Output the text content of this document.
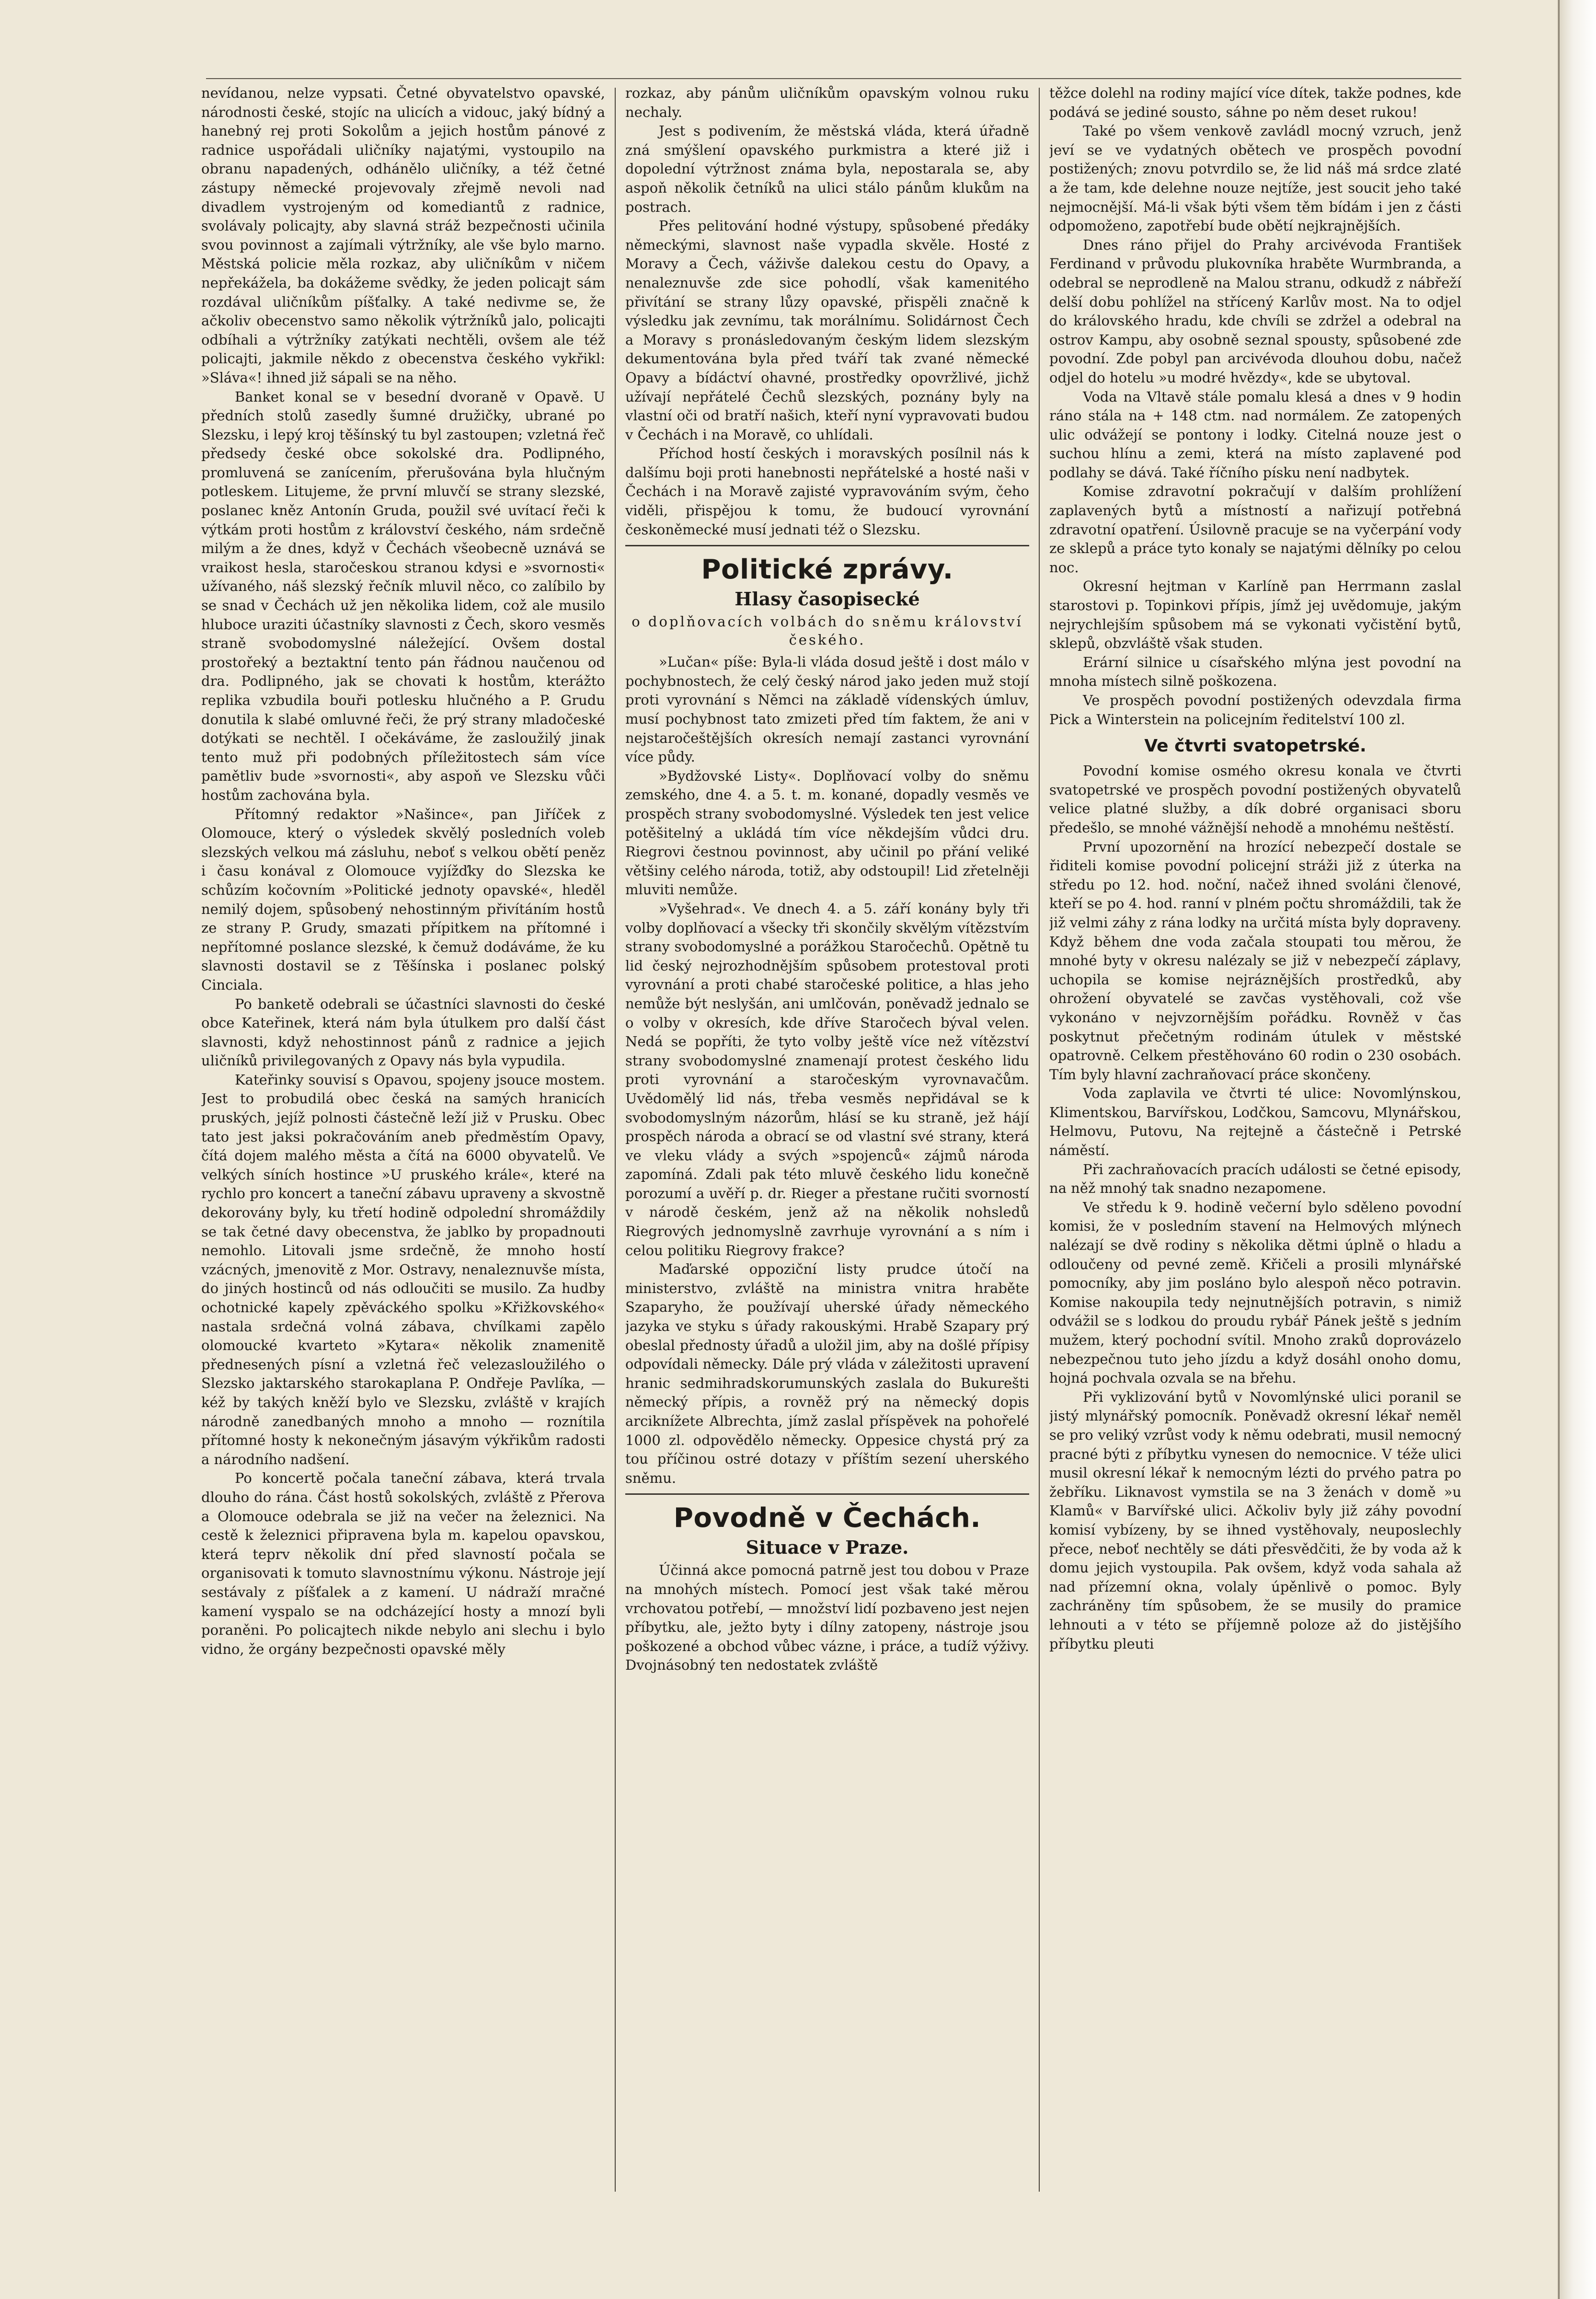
nevídanou, nelze vypsati. Četné obyvatelstvo opavské, národnosti české, stojíc na ulicích a vidouc, jaký bídný a hanebný rej proti Sokolům a jejich hostům pánové z radnice uspořádali uličníky najatými, vystoupilo na obranu napadených, odhánělo uličníky, a též četné zástupy německé projevovaly zřejmě nevoli nad divadlem vystrojeným od komediantů z radnice, svolávaly policajty, aby slavná stráž bezpečnosti učinila svou povinnost a zajímali výtržníky, ale vše bylo marno. Městská policie měla rozkaz, aby uličníkům v ničem nepřekážela, ba dokážeme svědky, že jeden policajt sám rozdával uličníkům píšťalky. A také nedivme se, že ačkoliv obecenstvo samo několik výtržníků jalo, policajti odbíhali a výtržníky zatýkati nechtěli, ovšem ale též policajti, jakmile někdo z obecenstva českého vykřikl: »Sláva«! ihned již sápali se na něho.

Banket konal se v besední dvoraně v Opavě. U předních stolů zasedly šumné družičky, ubrané po Slezsku, i lepý kroj těšínský tu byl zastoupen; vzletná řeč předsedy české obce sokolské dra. Podlipného, promluvená se zanícením, přerušována byla hlučným potleskem. Litujeme, že první mluvčí se strany slezské, poslanec kněz Antonín Gruda, použil své uvítací řeči k výtkám proti hostům z království českého, nám srdečně milým a že dnes, když v Čechách všeobecně uznává se vraikost hesla, staročeskou stranou kdysi e »svornosti« užívaného, náš slezský řečník mluvil něco, co zalíbilo by se snad v Čechách už jen několika lidem, což ale musilo hluboce uraziti účastníky slavnosti z Čech, skoro vesměs straně svobodomyslné náležející. Ovšem dostal prostořeký a beztaktní tento pán řádnou naučenou od dra. Podlipného, jak se chovati k hostům, kterážto replika vzbudila bouři potlesku hlučného a P. Grudu donutila k slabé omluvné řeči, že prý strany mladočeské dotýkati se nechtěl. I očekáváme, že zasloužilý jinak tento muž při podobných příležitostech sám více pamětliv bude »svornosti«, aby aspoň ve Slezsku vůči hostům zachována byla.

Přítomný redaktor »Našince«, pan Jiříček z Olomouce, který o výsledek skvělý posledních voleb slezských velkou má zásluhu, neboť s velkou obětí peněz i času konával z Olomouce vyjížďky do Slezska ke schůzím kočovním »Politické jednoty opavské«, hleděl nemilý dojem, spůsobený nehostinným přivítáním hostů ze strany P. Grudy, smazati přípitkem na přítomné i nepřítomné poslance slezské, k čemuž dodáváme, že ku slavnosti dostavil se z Těšínska i poslanec polský Cinciala.

Po banketě odebrali se účastníci slavnosti do české obce Kateřinek, která nám byla útulkem pro další část slavnosti, když nehostinnost pánů z radnice a jejich uličníků privilegovaných z Opavy nás byla vypudila.

Kateřinky souvisí s Opavou, spojeny jsouce mostem. Jest to probudilá obec česká na samých hranicích pruských, jejíž polnosti částečně leží již v Prusku. Obec tato jest jaksi pokračováním aneb předměstím Opavy, čítá dojem malého města a čítá na 6000 obyvatelů. Ve velkých síních hostince »U pruského krále«, které na rychlo pro koncert a taneční zábavu upraveny a skvostně dekorovány byly, ku třetí hodině odpolední shromáždily se tak četné davy obecenstva, že jablko by propadnouti nemohlo. Litovali jsme srdečně, že mnoho hostí vzácných, jmenovitě z Mor. Ostravy, nenaleznuvše místa, do jiných hostinců od nás odloučiti se musilo. Za hudby ochotnické kapely zpěváckého spolku »Křižkovského« nastala srdečná volná zábava, chvílkami zapělo olomoucké kvarteto »Kytara« několik znamenitě přednesených písní a vzletná řeč velezasloužilého o Slezsko jaktarského starokaplana P. Ondřeje Pavlíka, — kéž by takých kněží bylo ve Slezsku, zvláště v krajích národně zanedbaných mnoho a mnoho — roznítila přítomné hosty k nekonečným jásavým výkřikům radosti a národního nadšení.

Po koncertě počala taneční zábava, která trvala dlouho do rána. Část hostů sokolských, zvláště z Přerova a Olomouce odebrala se již na večer na železnici. Na cestě k železnici připravena byla m. kapelou opavskou, která teprv několik dní před slavností počala se organisovati k tomuto slavnostnímu výkonu. Nástroje její sestávaly z píšťalek a z kamení. U nádraží mračné kamení vyspalo se na odcházející hosty a mnozí byli poraněni. Po policajtech nikde nebylo ani slechu i bylo vidno, že orgány bezpečnosti opavské měly

rozkaz, aby pánům uličníkům opavským volnou ruku nechaly.

Jest s podivením, že městská vláda, která úřadně zná smýšlení opavského purkmistra a které již i dopolední výtržnost známa byla, nepostarala se, aby aspoň několik četníků na ulici stálo pánům klukům na postrach.

Přes pelitování hodné výstupy, spůsobené předáky německými, slavnost naše vypadla skvěle. Hosté z Moravy a Čech, váživše dalekou cestu do Opavy, a nenaleznuvše zde sice pohodlí, však kamenitého přivítání se strany lůzy opavské, přispěli značně k výsledku jak zevnímu, tak morálnímu. Solidárnost Čech a Moravy s pronásledovaným českým lidem slezským dekumentována byla před tváří tak zvané německé Opavy a bídáctví ohavné, prostředky opovržlivé, jichž užívají nepřátelé Čechů slezských, poznány byly na vlastní oči od bratří našich, kteří nyní vypravovati budou v Čechách i na Moravě, co uhlídali.

Příchod hostí českých i moravských posílnil nás k dalšímu boji proti hanebnosti nepřátelské a hosté naši v Čechách i na Moravě zajisté vypravováním svým, čeho viděli, přispějou k tomu, že budoucí vyrovnání českoněmecké musí jednati též o Slezsku.

Politické zprávy.
Hlasy časopisecké
o doplňovacích volbách do sněmu království českého.

»Lučan« píše: Byla-li vláda dosud ještě i dost málo v pochybnostech, že celý český národ jako jeden muž stojí proti vyrovnání s Němci na základě vídenských úmluv, musí pochybnost tato zmizeti před tím faktem, že ani v nejstaročeštějších okresích nemají zastanci vyrovnání více půdy.

»Bydžovské Listy«. Doplňovací volby do sněmu zemského, dne 4. a 5. t. m. konané, dopadly vesměs ve prospěch strany svobodomyslné. Výsledek ten jest velice potěšitelný a ukládá tím více někdejším vůdci dru. Riegrovi čestnou povinnost, aby učinil po přání veliké většiny celého národa, totiž, aby odstoupil! Lid zřetelněji mluviti nemůže.

»Vyšehrad«. Ve dnech 4. a 5. září konány byly tři volby doplňovací a všecky tři skončily skvělým vítězstvím strany svobodomyslné a porážkou Staročechů. Opětně tu lid český nejrozhodnějším spůsobem protestoval proti vyrovnání a proti chabé staročeské politice, a hlas jeho nemůže být neslyšán, ani umlčován, poněvadž jednalo se o volby v okresích, kde dříve Staročech býval velen. Nedá se popříti, že tyto volby ještě více než vítězství strany svobodomyslné znamenají protest českého lidu proti vyrovnání a staročeským vyrovnavačům. Uvědomělý lid nás, třeba vesměs nepřidával se k svobodomyslným názorům, hlásí se ku straně, jež hájí prospěch národa a obrací se od vlastní své strany, která ve vleku vlády a svých »spojenců« zájmů národa zapomíná. Zdali pak této mluvě českého lidu konečně porozumí a uvěří p. dr. Rieger a přestane ručiti svorností v národě českém, jenž až na několik nohsledů Riegrových jednomyslně zavrhuje vyrovnání a s ním i celou politiku Riegrovy frakce?

Maďarské oppoziční listy prudce útočí na ministerstvo, zvláště na ministra vnitra hraběte Szaparyho, že používají uherské úřady německého jazyka ve styku s úřady rakouskými. Hrabě Szapary prý obeslal přednosty úřadů a uložil jim, aby na došlé přípisy odpovídali německy. Dále prý vláda v záležitosti upravení hranic sedmihradskorumunských zaslala do Bukurešti německý přípis, a rovněž prý na německý dopis arciknížete Albrechta, jímž zaslal příspěvek na pohořelé 1000 zl. odpovědělo německy. Oppesice chystá prý za tou příčinou ostré dotazy v příštím sezení uherského sněmu.

Povodně v Čechách.
Situace v Praze.

Účinná akce pomocná patrně jest tou dobou v Praze na mnohých místech. Pomocí jest však také měrou vrchovatou potřebí, — množství lidí pozbaveno jest nejen příbytku, ale, ježto byty i dílny zatopeny, nástroje jsou poškozené a obchod vůbec vázne, i práce, a tudíž výživy. Dvojnásobný ten nedostatek zvláště

těžce dolehl na rodiny mající více dítek, takže podnes, kde podává se jediné sousto, sáhne po něm deset rukou!

Také po všem venkově zavládl mocný vzruch, jenž jeví se ve vydatných obětech ve prospěch povodní postižených; znovu potvrdilo se, že lid náš má srdce zlaté a že tam, kde delehne nouze nejtíže, jest soucit jeho také nejmocnější. Má-li však býti všem těm bídám i jen z části odpomoženo, zapotřebí bude obětí nejkrajnějších.

Dnes ráno přijel do Prahy arcivévoda František Ferdinand v průvodu plukovníka hraběte Wurmbranda, a odebral se neprodleně na Malou stranu, odkudž z nábřeží delší dobu pohlížel na střícený Karlův most. Na to odjel do královského hradu, kde chvíli se zdržel a odebral na ostrov Kampu, aby osobně seznal spousty, spůsobené zde povodní. Zde pobyl pan arcivévoda dlouhou dobu, načež odjel do hotelu »u modré hvězdy«, kde se ubytoval.

Voda na Vltavě stále pomalu klesá a dnes v 9 hodin ráno stála na + 148 ctm. nad normálem. Ze zatopených ulic odvážejí se pontony i lodky. Citelná nouze jest o suchou hlínu a zemi, která na místo zaplavené pod podlahy se dává. Také říčního písku není nadbytek.

Komise zdravotní pokračují v dalším prohlížení zaplavených bytů a místností a nařizují potřebná zdravotní opatření. Úsilovně pracuje se na vyčerpání vody ze sklepů a práce tyto konaly se najatými dělníky po celou noc.

Okresní hejtman v Karlíně pan Herrmann zaslal starostovi p. Topinkovi přípis, jímž jej uvědomuje, jakým nejrychlejším spůsobem má se vykonati vyčistění bytů, sklepů, obzvláště však studen.

Erární silnice u císařského mlýna jest povodní na mnoha místech silně poškozena.

Ve prospěch povodní postižených odevzdala firma Pick a Winterstein na policejním ředitelství 100 zl.

Ve čtvrti svatopetrské.

Povodní komise osmého okresu konala ve čtvrti svatopetrské ve prospěch povodní postižených obyvatelů velice platné služby, a dík dobré organisaci sboru předešlo, se mnohé vážnější nehodě a mnohému neštěstí.

První upozornění na hrozící nebezpečí dostale se řiditeli komise povodní policejní stráži již z úterka na středu po 12. hod. noční, načež ihned svoláni členové, kteří se po 4. hod. ranní v plném počtu shromáždili, tak že již velmi záhy z rána lodky na určitá místa byly dopraveny. Když během dne voda začala stoupati tou měrou, že mnohé byty v okresu nalézaly se již v nebezpečí záplavy, uchopila se komise nejráznějších prostředků, aby ohrožení obyvatelé se zavčas vystěhovali, což vše vykonáno v nejvzornějším pořádku. Rovněž v čas poskytnut přečetným rodinám útulek v městské opatrovně. Celkem přestěhováno 60 rodin o 230 osobách. Tím byly hlavní zachraňovací práce skončeny.

Voda zaplavila ve čtvrti té ulice: Novomlýnskou, Klimentskou, Barvířskou, Lodčkou, Samcovu, Mlynářskou, Helmovu, Putovu, Na rejtejně a částečně i Petrské náměstí.

Při zachraňovacích pracích události se četné episody, na něž mnohý tak snadno nezapomene.

Ve středu k 9. hodině večerní bylo sděleno povodní komisi, že v posledním stavení na Helmových mlýnech nalézají se dvě rodiny s několika dětmi úplně o hladu a odloučeny od pevné země. Křičeli a prosili mlynářské pomocníky, aby jim posláno bylo alespoň něco potravin. Komise nakoupila tedy nejnutnějších potravin, s nimiž odvážil se s lodkou do proudu rybář Pánek ještě s jedním mužem, který pochodní svítil. Mnoho zraků doprovázelo nebezpečnou tuto jeho jízdu a když dosáhl onoho domu, hojná pochvala ozvala se na břehu.

Při vyklizování bytů v Novomlýnské ulici poranil se jistý mlynářský pomocník. Poněvadž okresní lékař neměl se pro veliký vzrůst vody k němu odebrati, musil nemocný pracné býti z příbytku vynesen do nemocnice. V téže ulici musil okresní lékař k nemocným lézti do prvého patra po žebříku. Liknavost vymstila se na 3 ženách v domě »u Klamů« v Barvířské ulici. Ačkoliv byly již záhy povodní komisí vybízeny, by se ihned vystěhovaly, neuposlechly přece, neboť nechtěly se dáti přesvědčiti, že by voda až k domu jejich vystoupila. Pak ovšem, když voda sahala až nad přízemní okna, volaly úpěnlivě o pomoc. Byly zachráněny tím spůsobem, že se musily do pramice lehnouti a v této se příjemně poloze až do jistějšího příbytku pleuti
